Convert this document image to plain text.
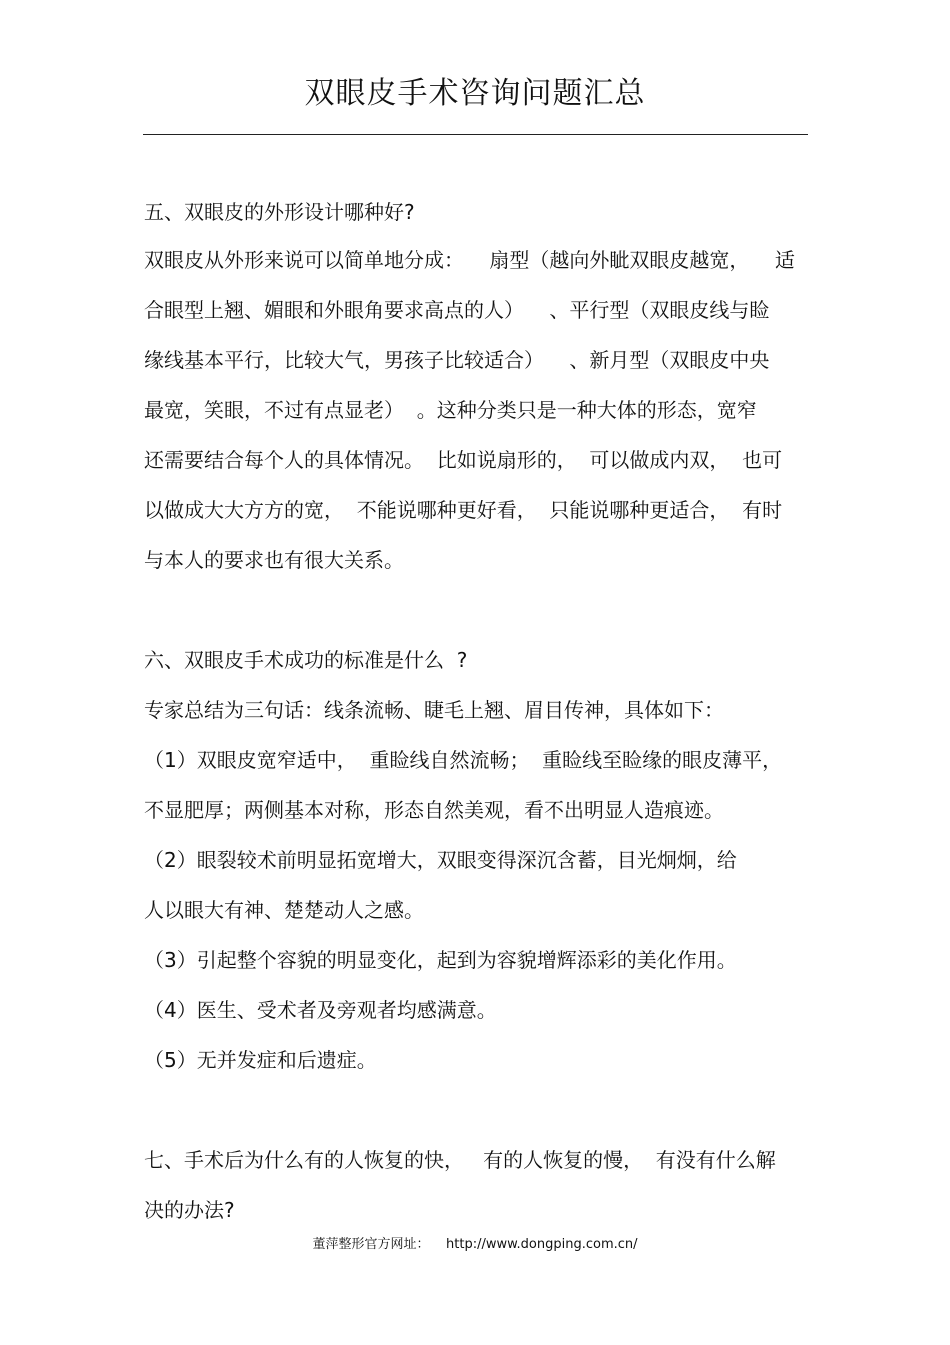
双眼皮手术咨询问题汇总
五、双眼皮的外形设计哪种好?
双眼皮从外形来说可以简单地分成：    扇型（越向外眦双眼皮越宽，    适
合眼型上翘、媚眼和外眼角要求高点的人）    、平行型（双眼皮线与睑
缘线基本平行，比较大气，男孩子比较适合）    、新月型（双眼皮中央
最宽，笑眼，不过有点显老）  。这种分类只是一种大体的形态，宽窄
还需要结合每个人的具体情况。  比如说扇形的，  可以做成内双，  也可
以做成大大方方的宽，  不能说哪种更好看，  只能说哪种更适合，  有时
与本人的要求也有很大关系。
六、双眼皮手术成功的标准是什么  ?
专家总结为三句话：线条流畅、睫毛上翘、眉目传神，具体如下：
（1）双眼皮宽窄适中，  重睑线自然流畅；  重睑线至睑缘的眼皮薄平，
不显肥厚；两侧基本对称，形态自然美观，看不出明显人造痕迹。
（2）眼裂较术前明显拓宽增大，双眼变得深沉含蓄，目光炯炯，给
人以眼大有神、楚楚动人之感。
（3）引起整个容貌的明显变化，起到为容貌增辉添彩的美化作用。
（4）医生、受术者及旁观者均感满意。
（5）无并发症和后遗症。
七、手术后为什么有的人恢复的快，   有的人恢复的慢，  有没有什么解
决的办法?
董萍整形官方网址： http://www.dongping.com.cn/
